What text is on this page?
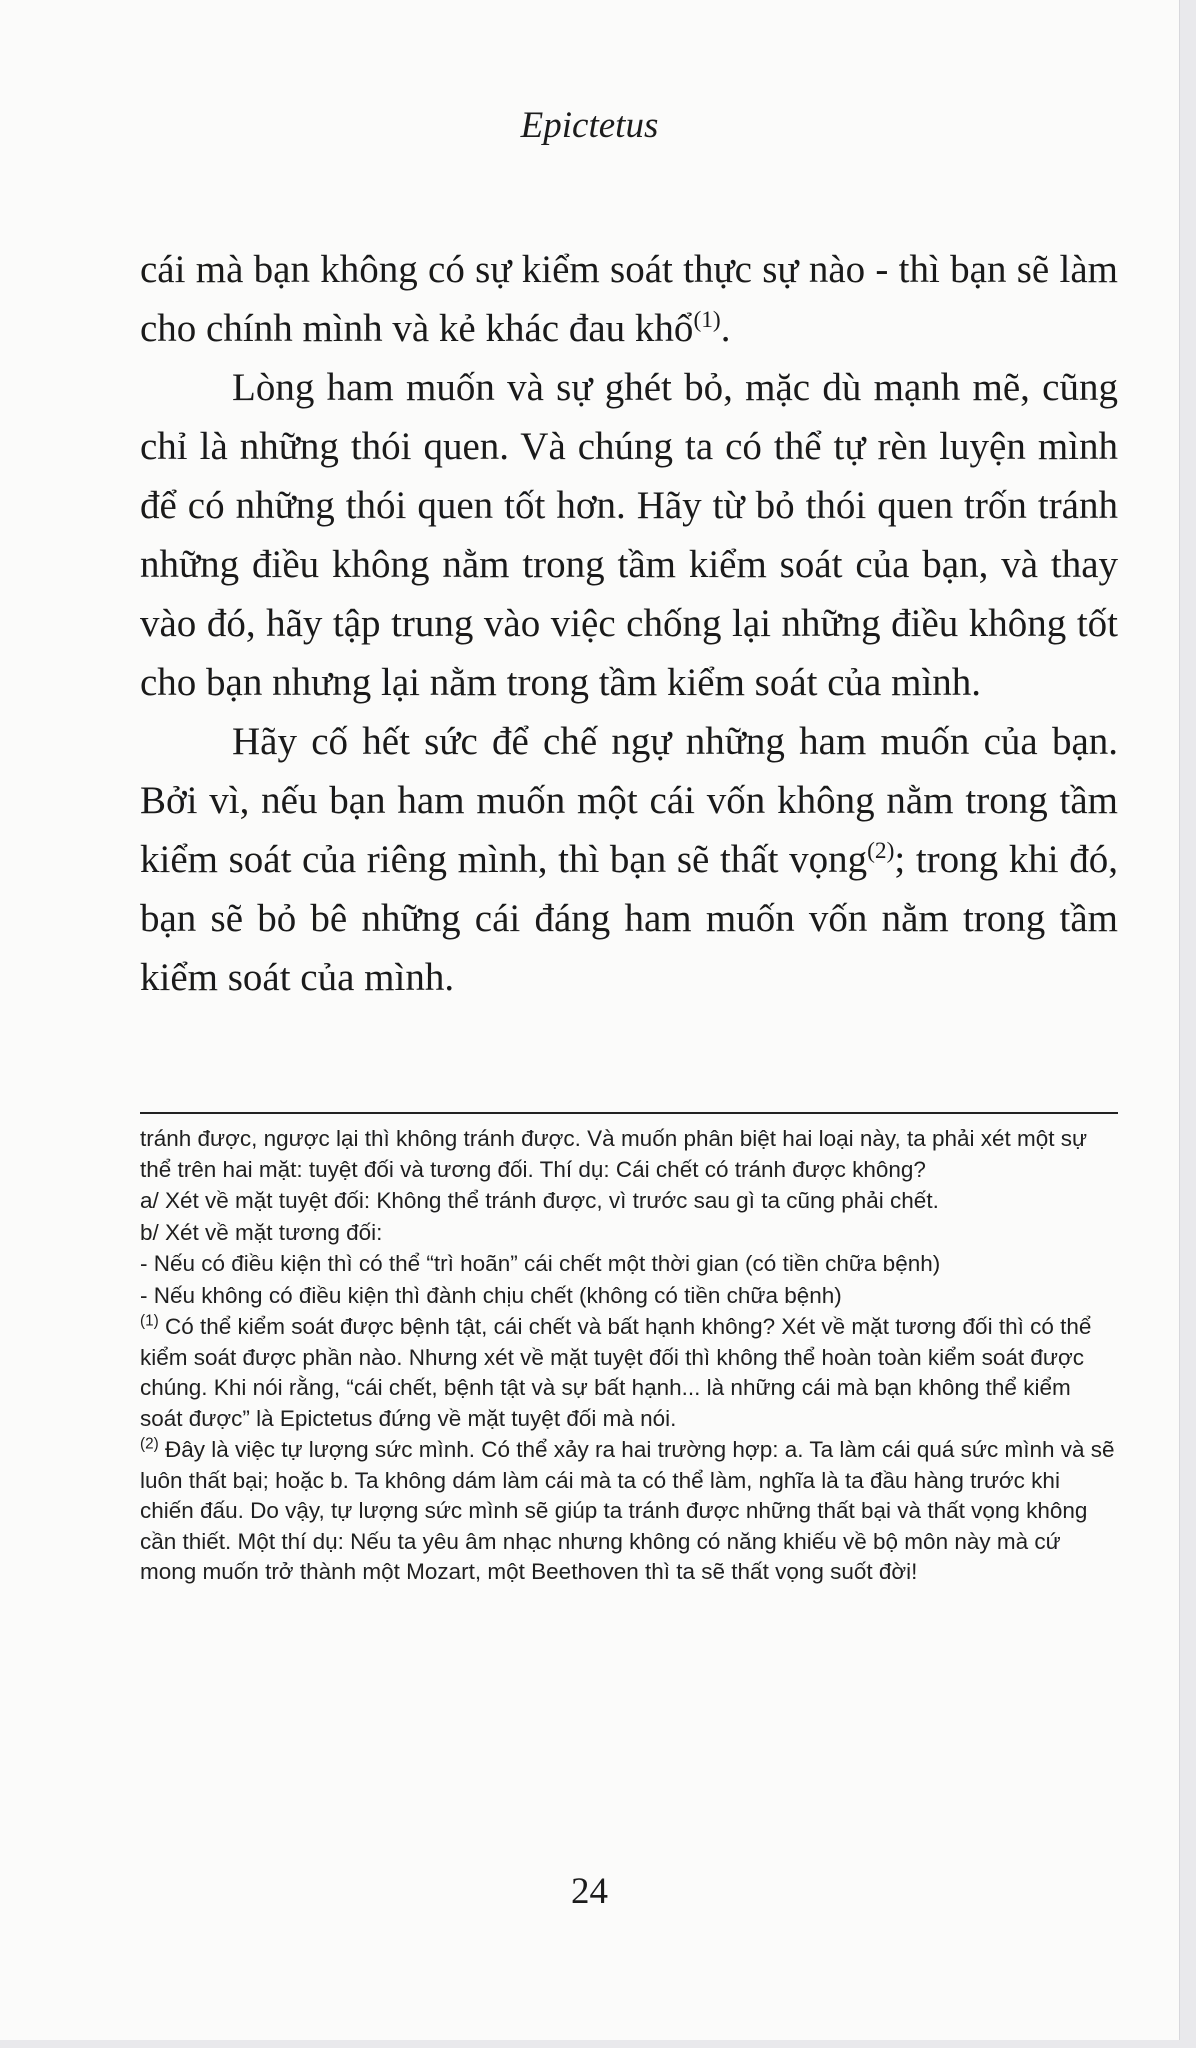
Epictetus

cái mà bạn không có sự kiểm soát thực sự nào - thì bạn sẽ làm cho chính mình và kẻ khác đau khổ$^{(1)}$.

Lòng ham muốn và sự ghét bỏ, mặc dù mạnh mẽ, cũng chỉ là những thói quen. Và chúng ta có thể tự rèn luyện mình để có những thói quen tốt hơn. Hãy từ bỏ thói quen trốn tránh những điều không nằm trong tầm kiểm soát của bạn, và thay vào đó, hãy tập trung vào việc chống lại những điều không tốt cho bạn nhưng lại nằm trong tầm kiểm soát của mình.

Hãy cố hết sức để chế ngự những ham muốn của bạn. Bởi vì, nếu bạn ham muốn một cái vốn không nằm trong tầm kiểm soát của riêng mình, thì bạn sẽ thất vọng$^{(2)}$; trong khi đó, bạn sẽ bỏ bê những cái đáng ham muốn vốn nằm trong tầm kiểm soát của mình.

tránh được, ngược lại thì không tránh được. Và muốn phân biệt hai loại này, ta phải xét một sự thể trên hai mặt: tuyệt đối và tương đối. Thí dụ: Cái chết có tránh được không?

a/ Xét về mặt tuyệt đối: Không thể tránh được, vì trước sau gì ta cũng phải chết.

b/ Xét về mặt tương đối:

- Nếu có điều kiện thì có thể “trì hoãn” cái chết một thời gian (có tiền chữa bệnh)

- Nếu không có điều kiện thì đành chịu chết (không có tiền chữa bệnh)

$^{(1)}$ Có thể kiểm soát được bệnh tật, cái chết và bất hạnh không? Xét về mặt tương đối thì có thể kiểm soát được phần nào. Nhưng xét về mặt tuyệt đối thì không thể hoàn toàn kiểm soát được chúng. Khi nói rằng, “cái chết, bệnh tật và sự bất hạnh... là những cái mà bạn không thể kiểm soát được” là Epictetus đứng về mặt tuyệt đối mà nói.

$^{(2)}$ Đây là việc tự lượng sức mình. Có thể xảy ra hai trường hợp: a. Ta làm cái quá sức mình và sẽ luôn thất bại; hoặc b. Ta không dám làm cái mà ta có thể làm, nghĩa là ta đầu hàng trước khi chiến đấu. Do vậy, tự lượng sức mình sẽ giúp ta tránh được những thất bại và thất vọng không cần thiết. Một thí dụ: Nếu ta yêu âm nhạc nhưng không có năng khiếu về bộ môn này mà cứ mong muốn trở thành một Mozart, một Beethoven thì ta sẽ thất vọng suốt đời!

24
